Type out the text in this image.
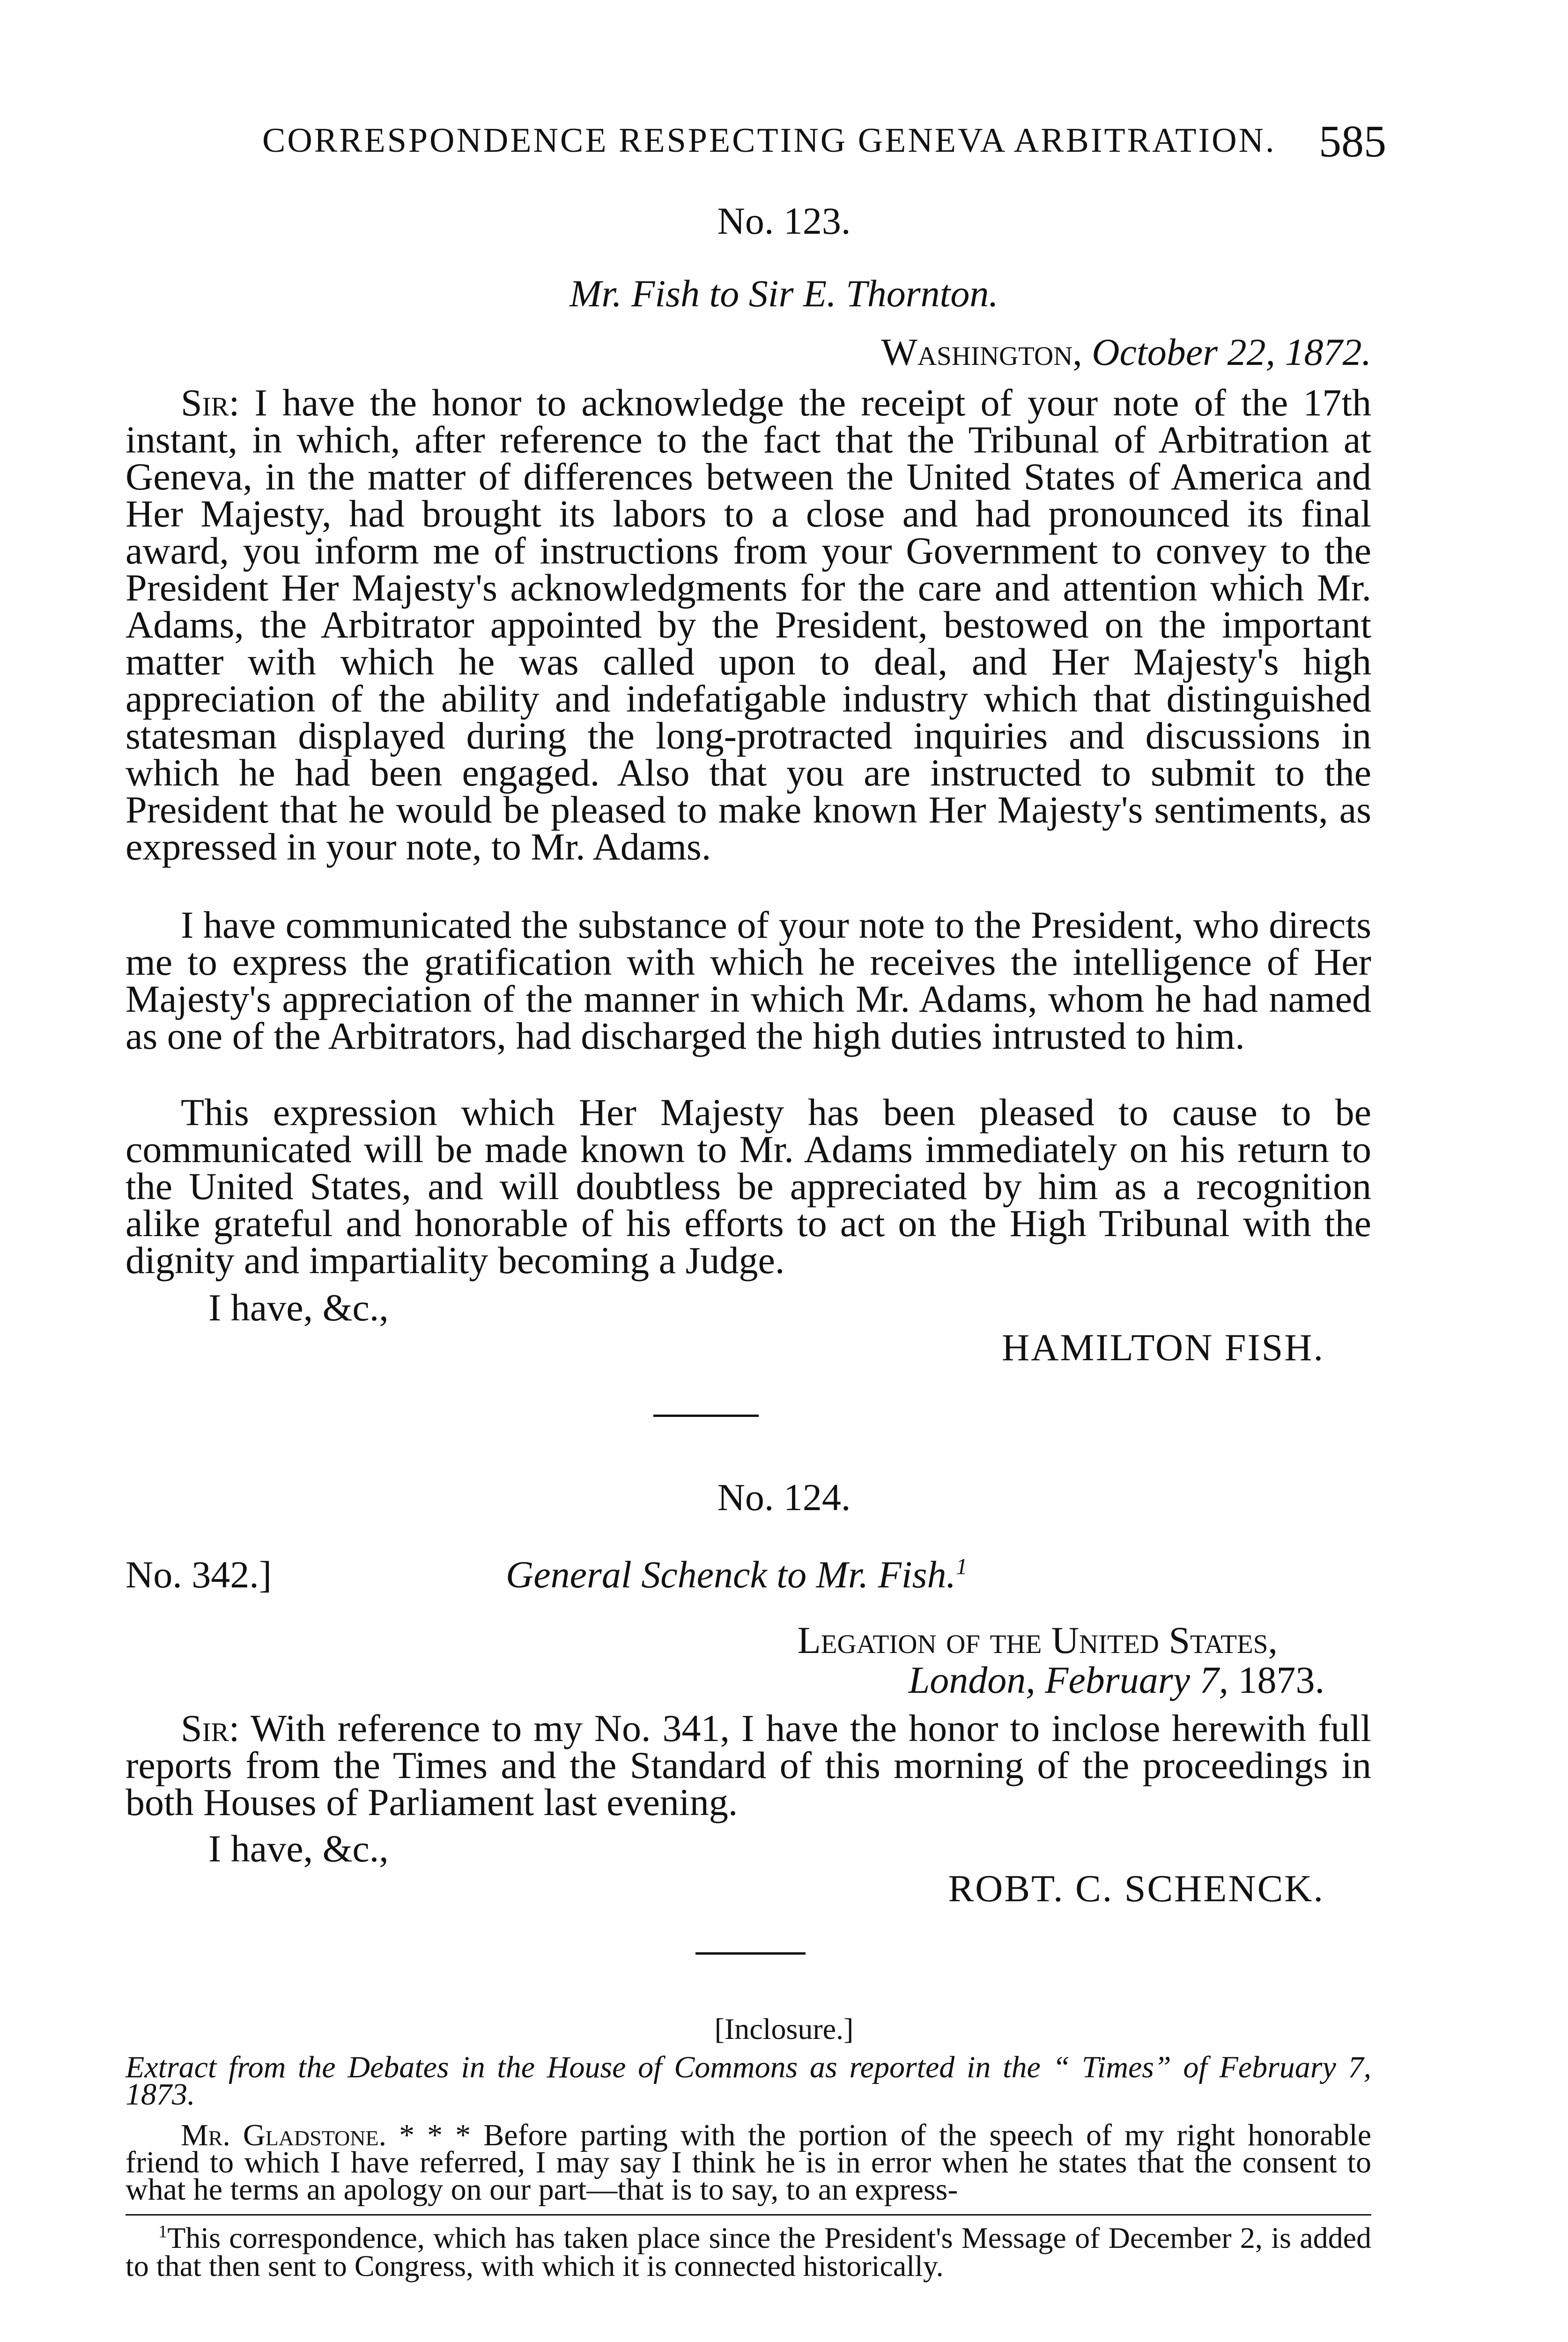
CORRESPONDENCE RESPECTING GENEVA ARBITRATION. 585
No. 123.
Mr. Fish to Sir E. Thornton.
Washington, October 22, 1872.
Sir: I have the honor to acknowledge the receipt of your note of the 17th instant, in which, after reference to the fact that the Tribunal of Arbitration at Geneva, in the matter of differences between the United States of America and Her Majesty, had brought its labors to a close and had pronounced its final award, you inform me of instructions from your Government to convey to the President Her Majesty's acknowledgments for the care and attention which Mr. Adams, the Arbitrator appointed by the President, bestowed on the important matter with which he was called upon to deal, and Her Majesty's high appreciation of the ability and indefatigable industry which that distinguished statesman displayed during the long-protracted inquiries and discussions in which he had been engaged. Also that you are instructed to submit to the President that he would be pleased to make known Her Majesty's sentiments, as expressed in your note, to Mr. Adams.
I have communicated the substance of your note to the President, who directs me to express the gratification with which he receives the intelligence of Her Majesty's appreciation of the manner in which Mr. Adams, whom he had named as one of the Arbitrators, had discharged the high duties intrusted to him.
This expression which Her Majesty has been pleased to cause to be communicated will be made known to Mr. Adams immediately on his return to the United States, and will doubtless be appreciated by him as a recognition alike grateful and honorable of his efforts to act on the High Tribunal with the dignity and impartiality becoming a Judge.
I have, &c.,
HAMILTON FISH.
No. 124.
No. 342.]	General Schenck to Mr. Fish.$^1$
Legation of the United States,
London, February 7, 1873.
Sir: With reference to my No. 341, I have the honor to inclose herewith full reports from the Times and the Standard of this morning of the proceedings in both Houses of Parliament last evening.
I have, &c.,
ROBT. C. SCHENCK.
[Inclosure.]
Extract from the Debates in the House of Commons as reported in the “ Times” of February 7, 1873.
Mr. Gladstone. * * * Before parting with the portion of the speech of my right honorable friend to which I have referred, I may say I think he is in error when he states that the consent to what he terms an apology on our part—that is to say, to an express-
$^1$This correspondence, which has taken place since the President's Message of December 2, is added to that then sent to Congress, with which it is connected historically.
